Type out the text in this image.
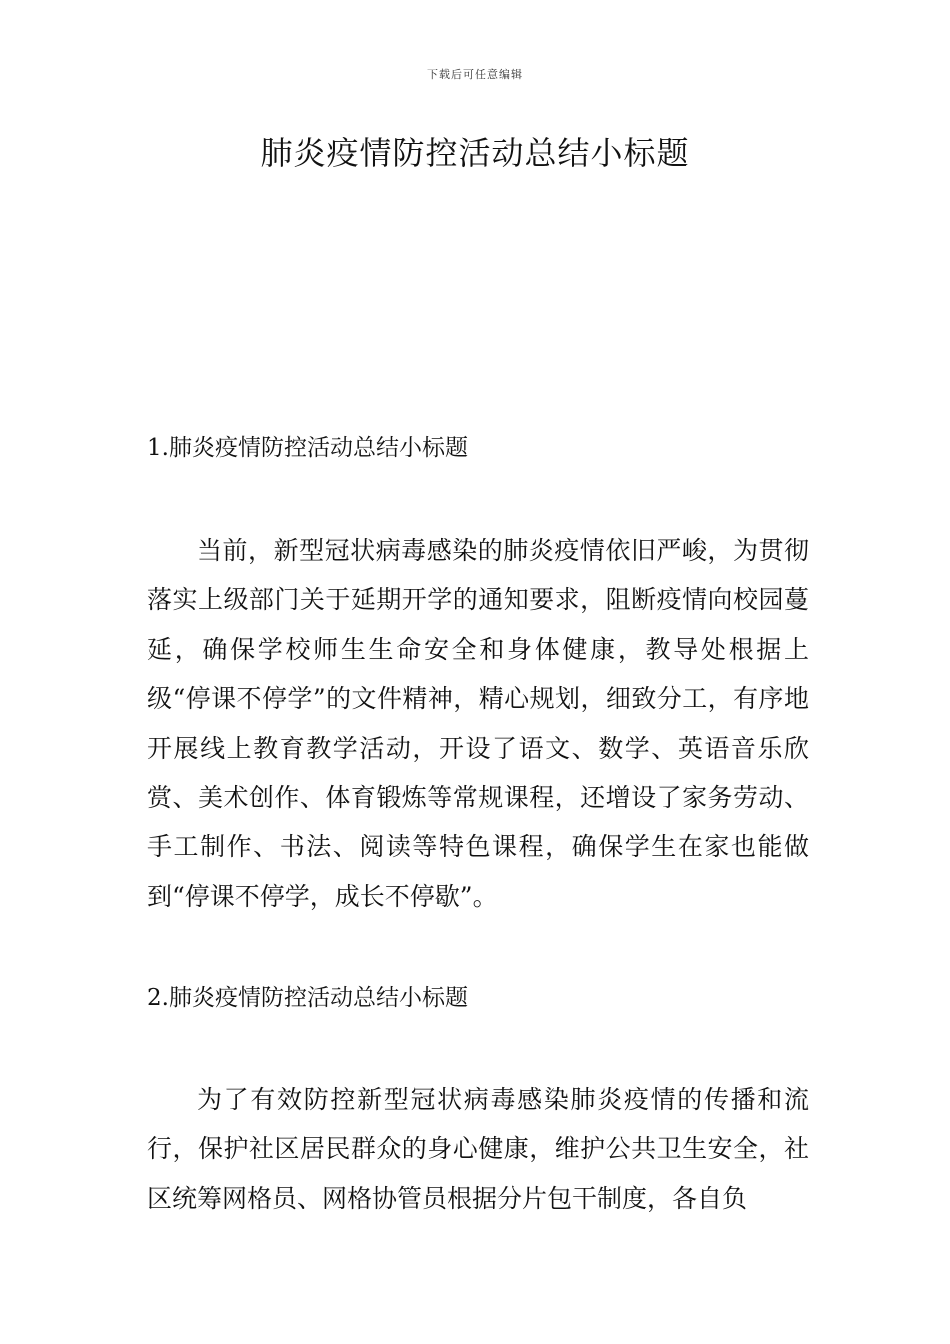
下载后可任意编辑
肺炎疫情防控活动总结小标题
1.肺炎疫情防控活动总结小标题

当前，新型冠状病毒感染的肺炎疫情依旧严峻，为贯彻落实上级部门关于延期开学的通知要求，阻断疫情向校园蔓延，确保学校师生生命安全和身体健康，教导处根据上级“停课不停学”的文件精神，精心规划，细致分工，有序地开展线上教育教学活动，开设了语文、数学、英语音乐欣赏、美术创作、体育锻炼等常规课程，还增设了家务劳动、手工制作、书法、阅读等特色课程，确保学生在家也能做到“停课不停学，成长不停歇”。

2.肺炎疫情防控活动总结小标题

为了有效防控新型冠状病毒感染肺炎疫情的传播和流行，保护社区居民群众的身心健康，维护公共卫生安全，社区统筹网格员、网格协管员根据分片包干制度，各自负
